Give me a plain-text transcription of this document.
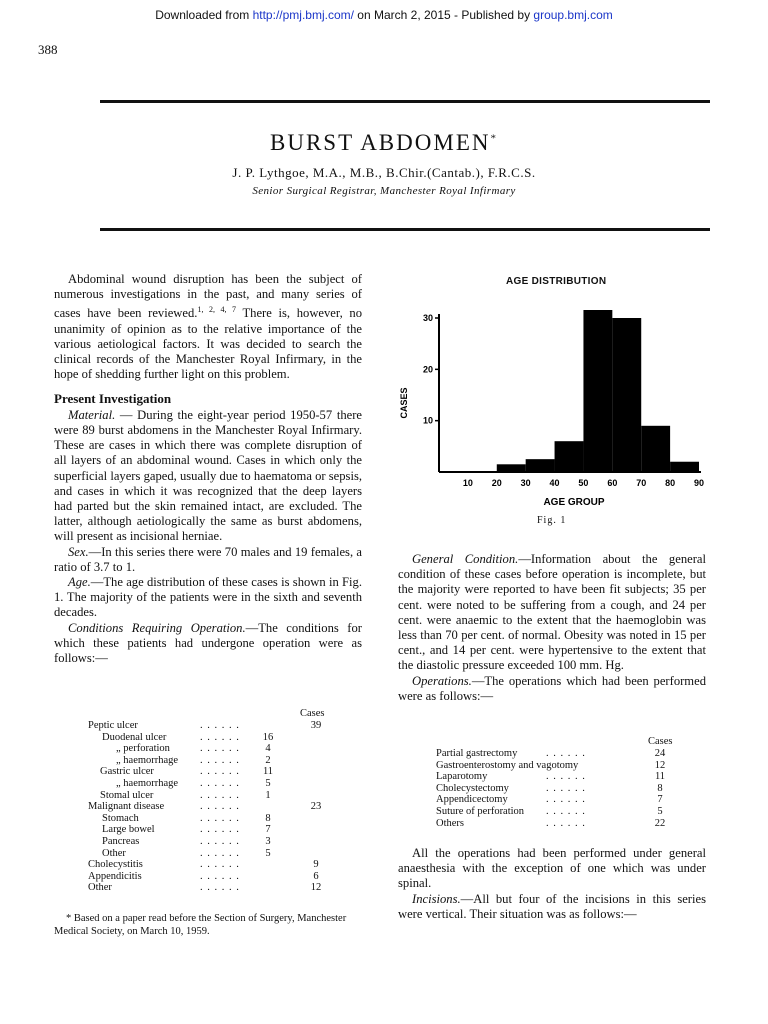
Downloaded from http://pmj.bmj.com/ on March 2, 2015 - Published by group.bmj.com
388
BURST ABDOMEN*
J. P. Lythgoe, M.A., M.B., B.Chir.(Cantab.), F.R.C.S.
Senior Surgical Registrar, Manchester Royal Infirmary

Abdominal wound disruption has been the subject of numerous investigations in the past, and many series of cases have been reviewed.$^{1, 2, 4, 7}$ There is, however, no unanimity of opinion as to the relative importance of the various aetiological factors. It was decided to search the clinical records of the Manchester Royal Infirmary, in the hope of shedding further light on this problem.

Present Investigation

Material. — During the eight-year period 1950-57 there were 89 burst abdomens in the Manchester Royal Infirmary. These are cases in which there was complete disruption of all layers of an abdominal wound. Cases in which only the superficial layers gaped, usually due to haematoma or sepsis, and cases in which it was recognized that the deep layers had parted but the skin remained intact, are excluded. The latter, although aetiologically the same as burst abdomens, will present as incisional herniae.

Sex.—In this series there were 70 males and 19 females, a ratio of 3.7 to 1.

Age.—The age distribution of these cases is shown in Fig. 1. The majority of the patients were in the sixth and seventh decades.

Conditions Requiring Operation.—The conditions for which these patients had undergone operation were as follows:—

Cases
Peptic ulcer	. . . . . .	39
Duodenal ulcer	. . . . . .	16
„ perforation	. . . . . .	4
„ haemorrhage . . . . . .	2
Gastric ulcer	. . . . . .	11
„ haemorrhage . . . . . .	5
Stomal ulcer	. . . . . .	1
Malignant disease	. . . . . .	23
Stomach	. . . . . .	8
Large bowel	. . . . . .	7
Pancreas	. . . . . .	3
Other	. . . . . .	5
Cholecystitis	. . . . . .	9
Appendicitis	. . . . . .	6
Other	. . . . . .	12
* Based on a paper read before the Section of Surgery, Manchester Medical Society, on March 10, 1959.
AGE DISTRIBUTION
10
20
30
10 20 30 40 50 60 70 80 90
AGE GROUP
CASES
Fig. 1

General Condition.—Information about the general condition of these cases before operation is incomplete, but the majority were reported to have been fit subjects; 35 per cent. were noted to be suffering from a cough, and 24 per cent. were anaemic to the extent that the haemoglobin was less than 70 per cent. of normal. Obesity was noted in 15 per cent., and 14 per cent. were hypertensive to the extent that the diastolic pressure exceeded 100 mm. Hg.

Operations.—The operations which had been performed were as follows:—

Cases
Partial gastrectomy	. . . . . .	24
Gastroenterostomy and vagotomy	12
Laparotomy	. . . . . .	11
Cholecystectomy	. . . . . .	8
Appendicectomy	. . . . . .	7
Suture of perforation . . . . . .	5
Others	. . . . . .	22

All the operations had been performed under general anaesthesia with the exception of one which was under spinal.

Incisions.—All but four of the incisions in this series were vertical. Their situation was as follows:—
